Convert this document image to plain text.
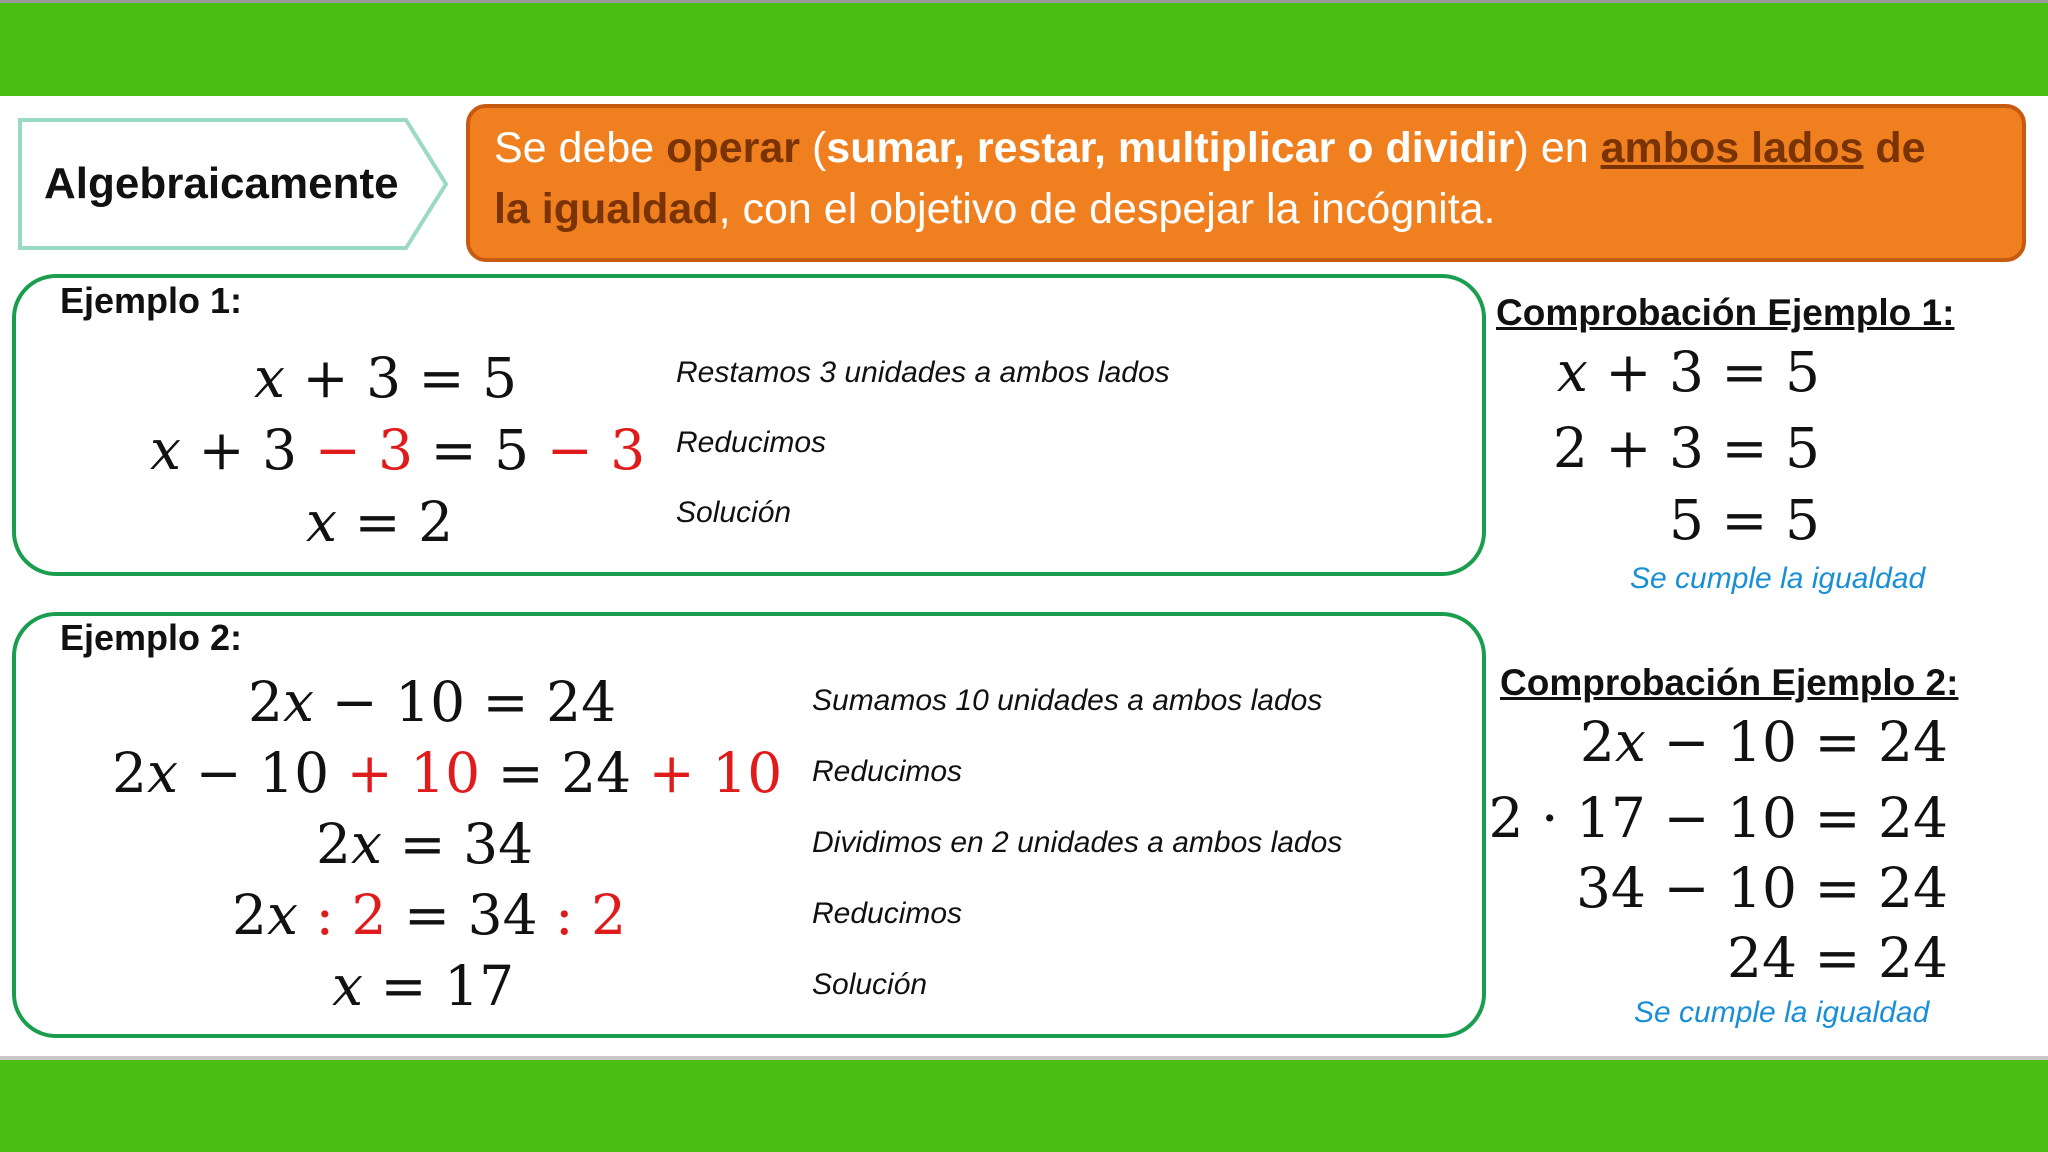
Algebraicamente
Se debe operar (sumar, restar, multiplicar o dividir) en ambos lados de
la igualdad, con el objetivo de despejar la incógnita.
Ejemplo 1:
x + 3 = 5
x + 3 − 3 = 5 − 3
x = 2
Restamos 3 unidades a ambos lados
Reducimos
Solución
Ejemplo 2:
2x − 10 = 24
2x − 10 + 10 = 24 + 10
2x = 34
2x : 2 = 34 : 2
x = 17
Sumamos 10 unidades a ambos lados
Reducimos
Dividimos en 2 unidades a ambos lados
Reducimos
Solución
Comprobación Ejemplo 1:
x + 3 = 5
2 + 3 = 5
5 = 5
Se cumple la igualdad
Comprobación Ejemplo 2:
2x − 10 = 24
2 · 17 − 10 = 24
34 − 10 = 24
24 = 24
Se cumple la igualdad
